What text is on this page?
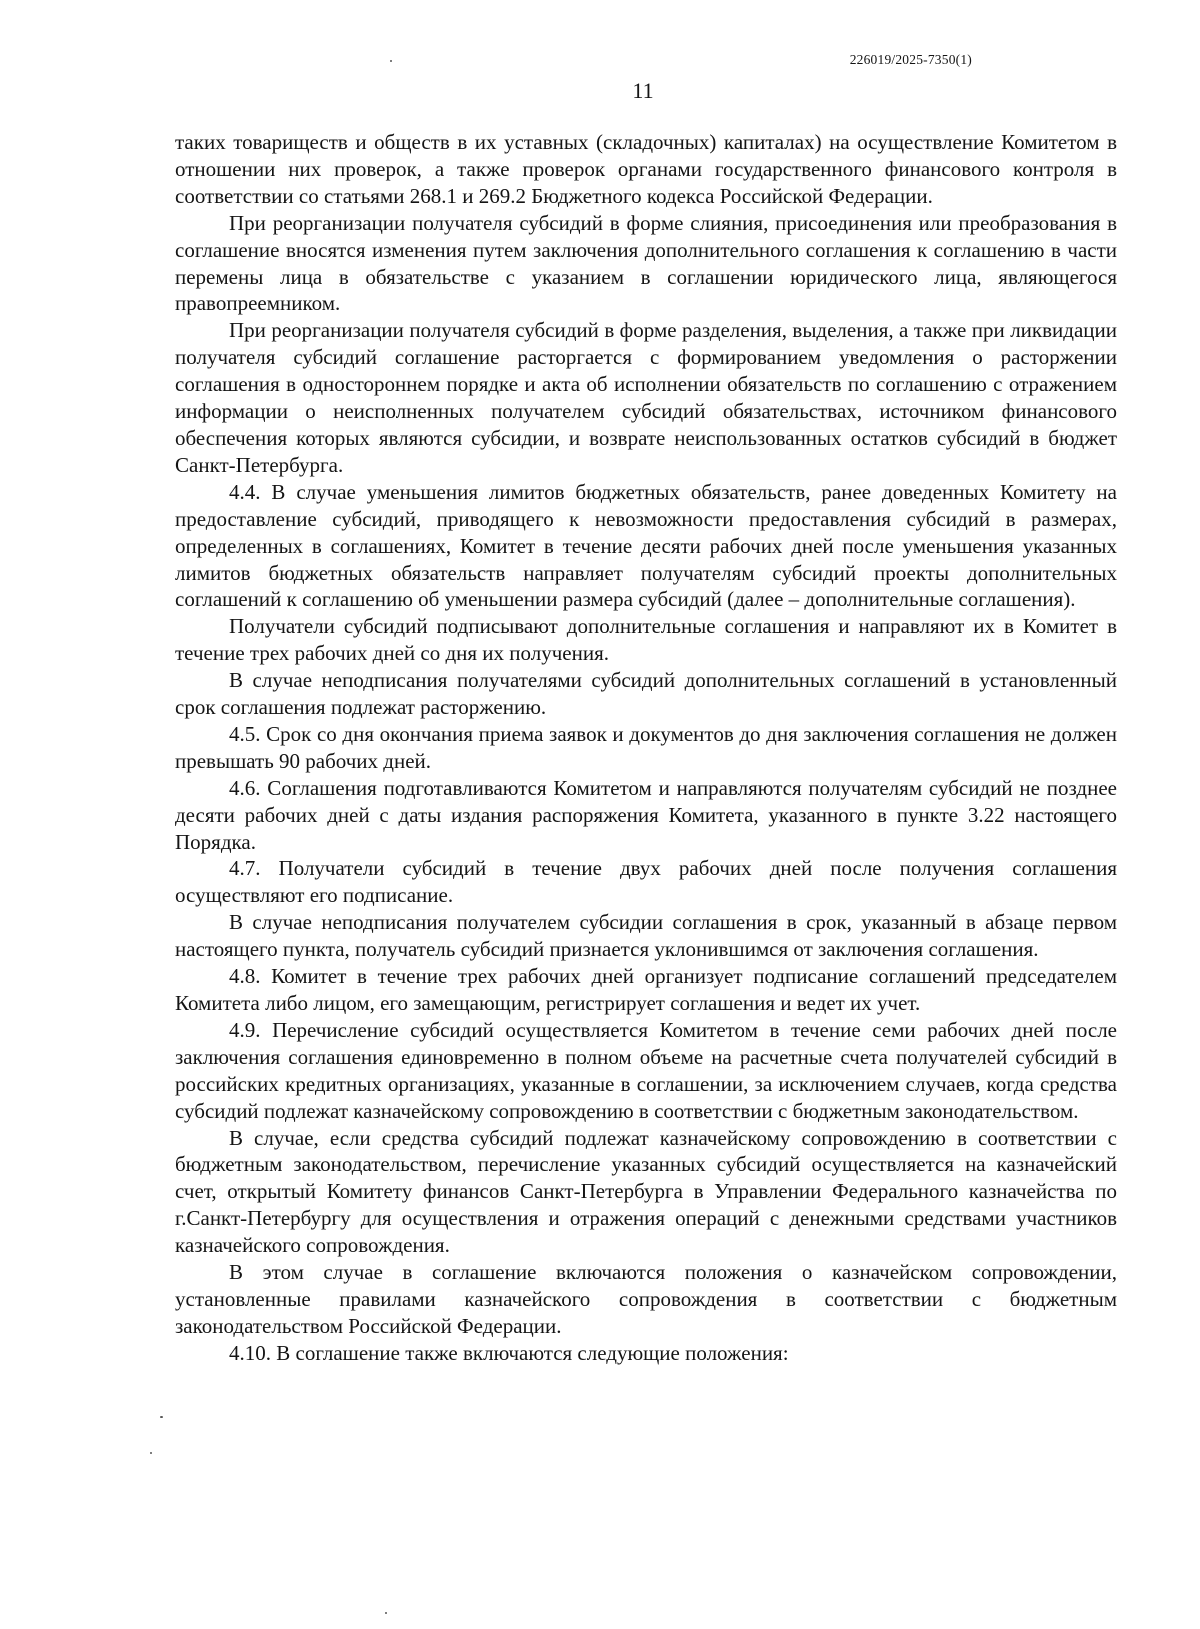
226019/2025-7350(1)
11

таких товариществ и обществ в их уставных (складочных) капиталах) на осуществление Комитетом в отношении них проверок, а также проверок органами государственного финансового контроля в соответствии со статьями 268.1 и 269.2 Бюджетного кодекса Российской Федерации.

При реорганизации получателя субсидий в форме слияния, присоединения или преобразования в соглашение вносятся изменения путем заключения дополнительного соглашения к соглашению в части перемены лица в обязательстве с указанием в соглашении юридического лица, являющегося правопреемником.

При реорганизации получателя субсидий в форме разделения, выделения, а также при ликвидации получателя субсидий соглашение расторгается с формированием уведомления о расторжении соглашения в одностороннем порядке и акта об исполнении обязательств по соглашению с отражением информации о неисполненных получателем субсидий обязательствах, источником финансового обеспечения которых являются субсидии, и возврате неиспользованных остатков субсидий в бюджет Санкт-Петербурга.

4.4. В случае уменьшения лимитов бюджетных обязательств, ранее доведенных Комитету на предоставление субсидий, приводящего к невозможности предоставления субсидий в размерах, определенных в соглашениях, Комитет в течение десяти рабочих дней после уменьшения указанных лимитов бюджетных обязательств направляет получателям субсидий проекты дополнительных соглашений к соглашению об уменьшении размера субсидий (далее – дополнительные соглашения).

Получатели субсидий подписывают дополнительные соглашения и направляют их в Комитет в течение трех рабочих дней со дня их получения.

В случае неподписания получателями субсидий дополнительных соглашений в установленный срок соглашения подлежат расторжению.

4.5. Срок со дня окончания приема заявок и документов до дня заключения соглашения не должен превышать 90 рабочих дней.

4.6. Соглашения подготавливаются Комитетом и направляются получателям субсидий не позднее десяти рабочих дней с даты издания распоряжения Комитета, указанного в пункте 3.22 настоящего Порядка.

4.7. Получатели субсидий в течение двух рабочих дней после получения соглашения осуществляют его подписание.

В случае неподписания получателем субсидии соглашения в срок, указанный в абзаце первом настоящего пункта, получатель субсидий признается уклонившимся от заключения соглашения.

4.8. Комитет в течение трех рабочих дней организует подписание соглашений председателем Комитета либо лицом, его замещающим, регистрирует соглашения и ведет их учет.

4.9. Перечисление субсидий осуществляется Комитетом в течение семи рабочих дней после заключения соглашения единовременно в полном объеме на расчетные счета получателей субсидий в российских кредитных организациях, указанные в соглашении, за исключением случаев, когда средства субсидий подлежат казначейскому сопровождению в соответствии с бюджетным законодательством.

В случае, если средства субсидий подлежат казначейскому сопровождению в соответствии с бюджетным законодательством, перечисление указанных субсидий осуществляется на казначейский счет, открытый Комитету финансов Санкт-Петербурга в Управлении Федерального казначейства по г.Санкт-Петербургу для осуществления и отражения операций с денежными средствами участников казначейского сопровождения.

В этом случае в соглашение включаются положения о казначейском сопровождении, установленные правилами казначейского сопровождения в соответствии с бюджетным законодательством Российской Федерации.

4.10. В соглашение также включаются следующие положения:
